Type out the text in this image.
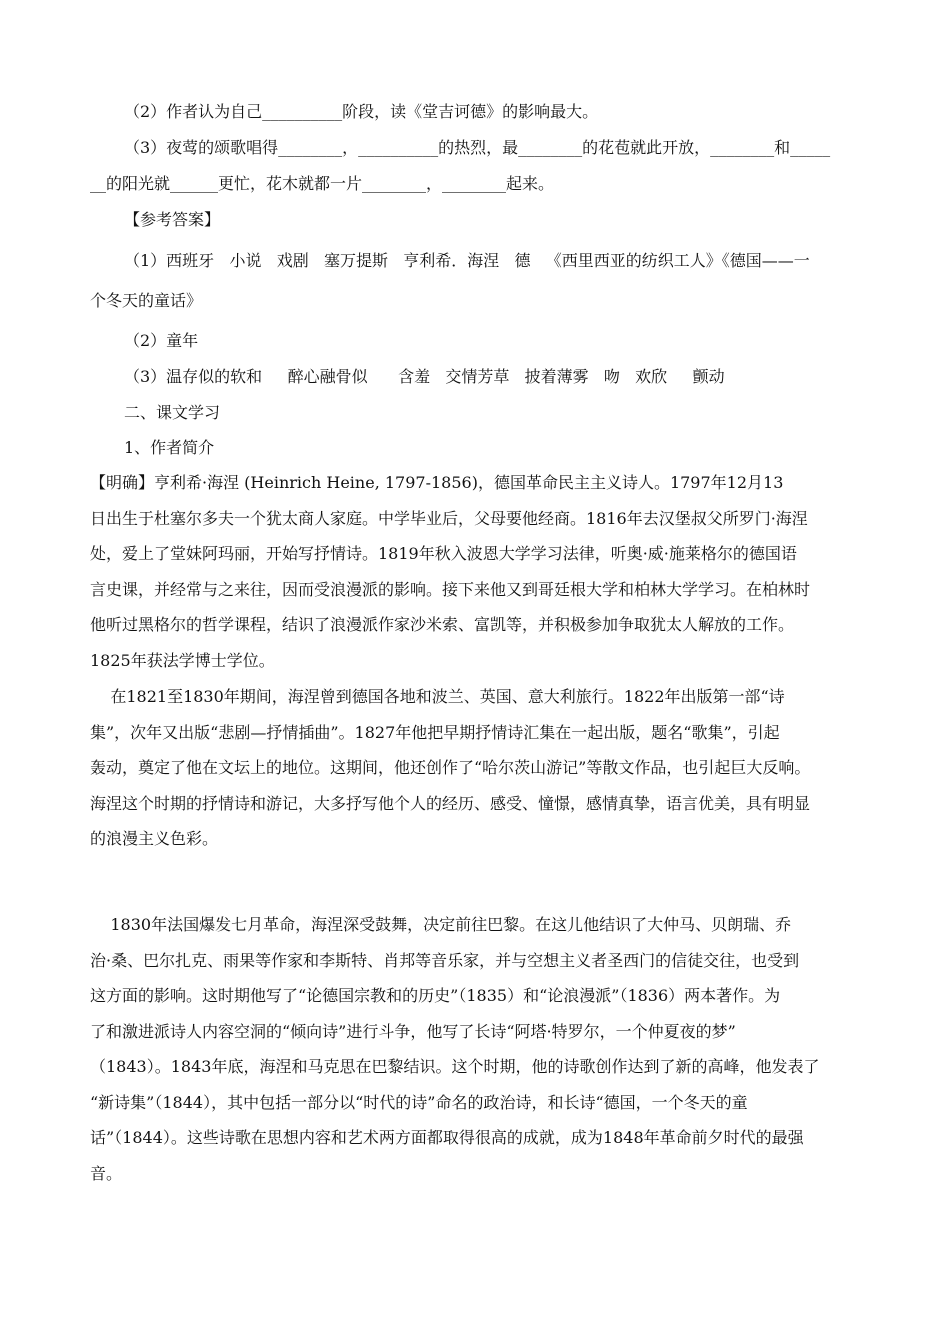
（2）作者认为自己__________阶段，读《堂吉诃德》的影响最大。
（3）夜莺的颂歌唱得________，__________的热烈，最________的花苞就此开放，________和_____
__的阳光就______更忙，花木就都一片________，________起来。
【参考答案】
（1）西班牙   小说   戏剧   塞万提斯   亨利希．海涅   德   《西里西亚的纺织工人》《德国——一
个冬天的童话》
（2）童年
（3）温存似的软和     醉心融骨似      含羞   交情芳草   披着薄雾   吻   欢欣     颤动
二、课文学习
1、作者简介
【明确】亨利希·海涅 (Heinrich Heine, 1797-1856)，德国革命民主主义诗人。1797年12月13
日出生于杜塞尔多夫一个犹太商人家庭。中学毕业后，父母要他经商。1816年去汉堡叔父所罗门·海涅
处，爱上了堂妹阿玛丽，开始写抒情诗。1819年秋入波恩大学学习法律，听奥·威·施莱格尔的德国语
言史课，并经常与之来往，因而受浪漫派的影响。接下来他又到哥廷根大学和柏林大学学习。在柏林时
他听过黑格尔的哲学课程，结识了浪漫派作家沙米索、富凯等，并积极参加争取犹太人解放的工作。
1825年获法学博士学位。
在1821至1830年期间，海涅曾到德国各地和波兰、英国、意大利旅行。1822年出版第一部“诗
集”，次年又出版“悲剧—抒情插曲”。1827年他把早期抒情诗汇集在一起出版，题名“歌集”，引起
轰动，奠定了他在文坛上的地位。这期间，他还创作了“哈尔茨山游记”等散文作品，也引起巨大反响。
海涅这个时期的抒情诗和游记，大多抒写他个人的经历、感受、憧憬，感情真挚，语言优美，具有明显
的浪漫主义色彩。
1830年法国爆发七月革命，海涅深受鼓舞，决定前往巴黎。在这儿他结识了大仲马、贝朗瑞、乔
治·桑、巴尔扎克、雨果等作家和李斯特、肖邦等音乐家，并与空想主义者圣西门的信徒交往，也受到
这方面的影响。这时期他写了“论德国宗教和的历史”（1835）和“论浪漫派”（1836）两本著作。为
了和激进派诗人内容空洞的“倾向诗”进行斗争，他写了长诗“阿塔·特罗尔，一个仲夏夜的梦”
（1843）。1843年底，海涅和马克思在巴黎结识。这个时期，他的诗歌创作达到了新的高峰，他发表了
“新诗集”（1844），其中包括一部分以“时代的诗”命名的政治诗，和长诗“德国，一个冬天的童
话”（1844）。这些诗歌在思想内容和艺术两方面都取得很高的成就，成为1848年革命前夕时代的最强
音。
